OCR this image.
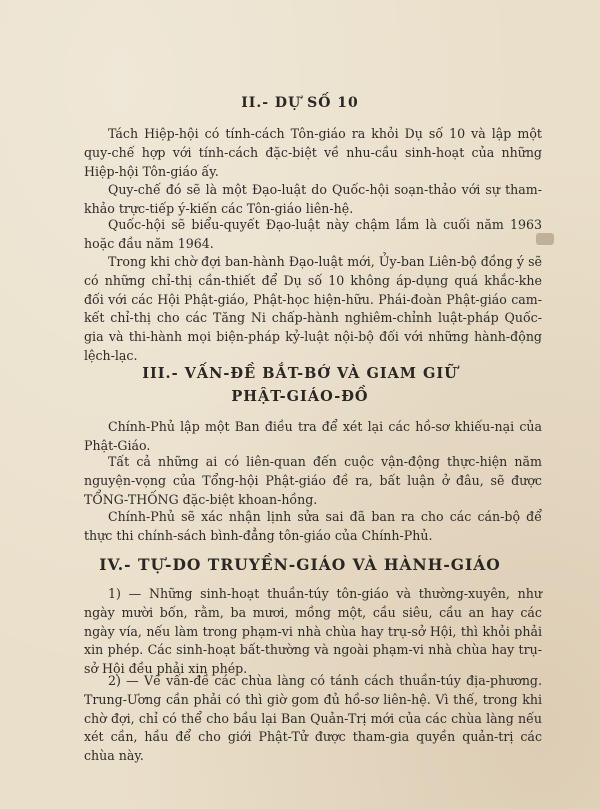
II.- DỰ SỐ 10

Tách Hiệp-hội có tính-cách Tôn-giáo ra khỏi Dụ số 10 và lập một quy-chế hợp với tính-cách đặc-biệt về nhu-cầu sinh-hoạt của những Hiệp-hội Tôn-giáo ấy.

Quy-chế đó sẽ là một Đạo-luật do Quốc-hội soạn-thảo với sự tham-khảo trực-tiếp ý-kiến các Tôn-giáo liên-hệ.

Quốc-hội sẽ biểu-quyết Đạo-luật này chậm lắm là cuối năm 1963 hoặc đầu năm 1964.

Trong khi chờ đợi ban-hành Đạo-luật mới, Ủy-ban Liên-bộ đồng ý sẽ có những chỉ-thị cần-thiết để Dụ số 10 không áp-dụng quá khắc-khe đối với các Hội Phật-giáo, Phật-học hiện-hữu. Phái-đoàn Phật-giáo cam-kết chỉ-thị cho các Tăng Ni chấp-hành nghiêm-chỉnh luật-pháp Quốc-gia và thi-hành mọi biện-pháp kỷ-luật nội-bộ đối với những hành-động lệch-lạc.

III.- VẤN-ĐỀ BẮT-BỚ VÀ GIAM GIỮ
PHẬT-GIÁO-ĐỒ

Chính-Phủ lập một Ban điều tra để xét lại các hồ-sơ khiếu-nại của Phật-Giáo.

Tất cả những ai có liên-quan đến cuộc vận-động thực-hiện năm nguyện-vọng của Tổng-hội Phật-giáo đề ra, bất luận ở đâu, sẽ được TỔNG-THỐNG đặc-biệt khoan-hồng.

Chính-Phủ sẽ xác nhận lịnh sửa sai đã ban ra cho các cán-bộ để thực thi chính-sách bình-đẳng tôn-giáo của Chính-Phủ.

IV.- TỰ-DO TRUYỀN-GIÁO VÀ HÀNH-GIÁO

1) — Những sinh-hoạt thuần-túy tôn-giáo và thường-xuyên, như ngày mười bốn, rằm, ba mươi, mồng một, cầu siêu, cầu an hay các ngày vía, nếu làm trong phạm-vi nhà chùa hay trụ-sở Hội, thì khỏi phải xin phép. Các sinh-hoạt bất-thường và ngoài phạm-vi nhà chùa hay trụ-sở Hội đều phải xin phép.

2) — Về vấn-đề các chùa làng có tánh cách thuần-túy địa-phương. Trung-Ương cần phải có thì giờ gom đủ hồ-sơ liên-hệ. Vì thế, trong khi chờ đợi, chỉ có thể cho bầu lại Ban Quản-Trị mới của các chùa làng nếu xét cần, hầu để cho giới Phật-Tử được tham-gia quyền quản-trị các chùa này.
